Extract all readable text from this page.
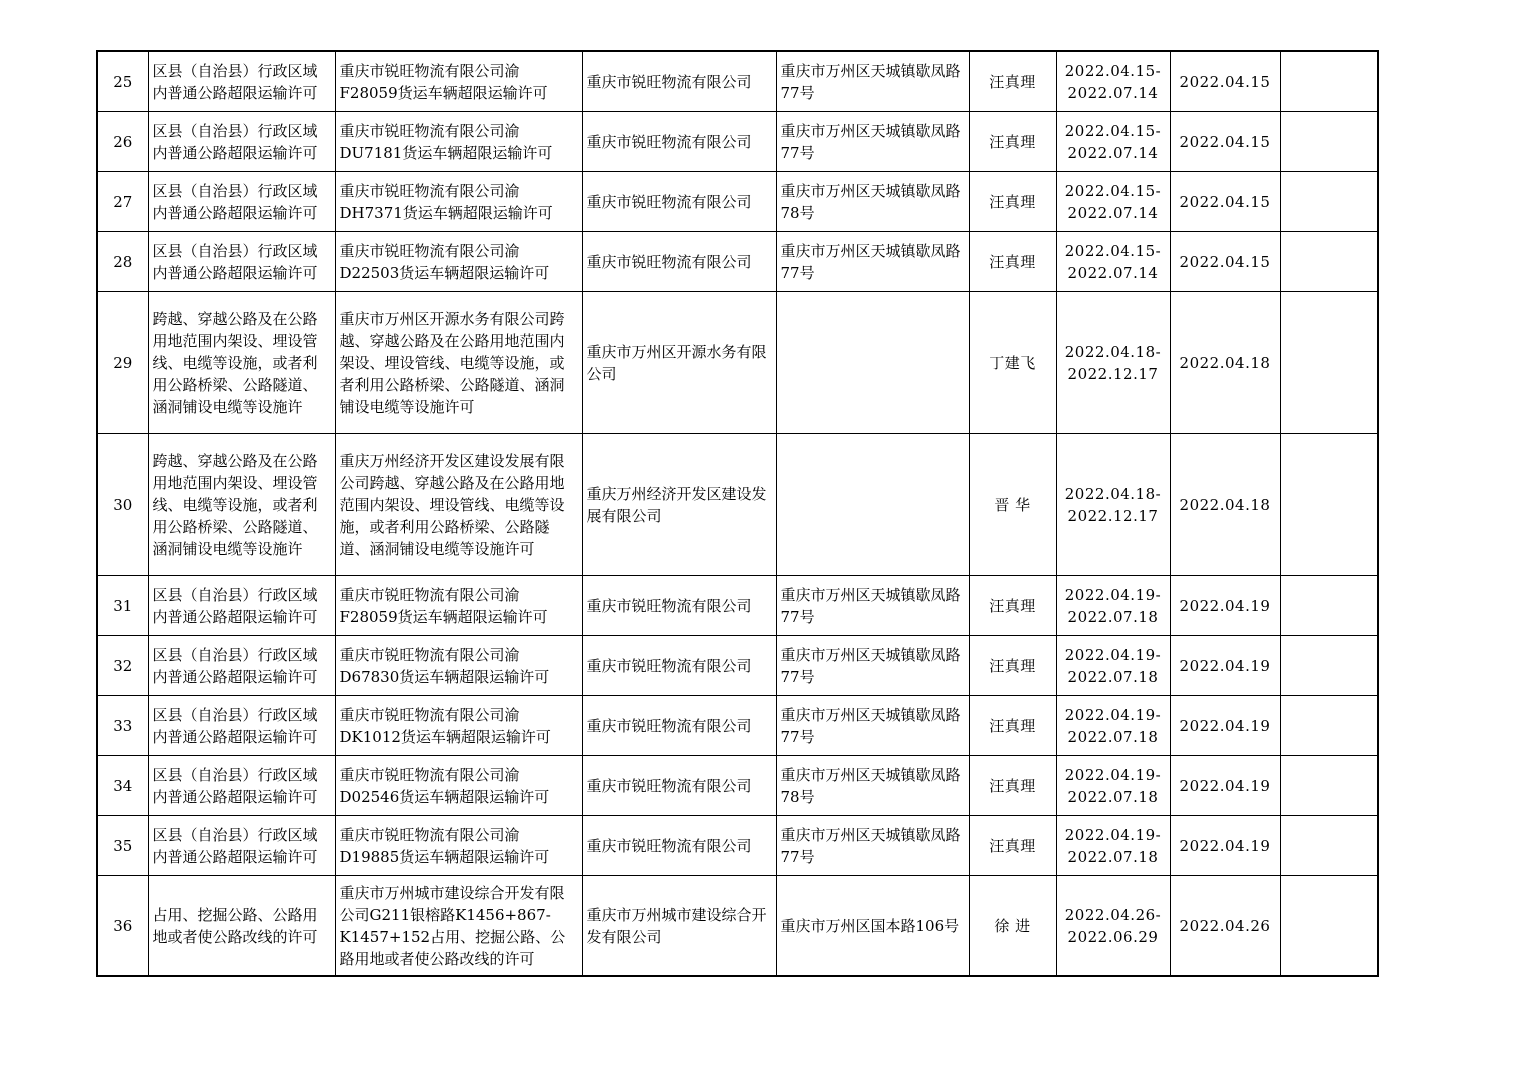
25	区县（自治县）行政区域内普通公路超限运输许可	重庆市锐旺物流有限公司渝F28059货运车辆超限运输许可	重庆市锐旺物流有限公司	重庆市万州区天城镇歇凤路77号	汪真理	2022.04.15-
2022.07.14	2022.04.15	
26	区县（自治县）行政区域内普通公路超限运输许可	重庆市锐旺物流有限公司渝DU7181货运车辆超限运输许可	重庆市锐旺物流有限公司	重庆市万州区天城镇歇凤路77号	汪真理	2022.04.15-
2022.07.14	2022.04.15	
27	区县（自治县）行政区域内普通公路超限运输许可	重庆市锐旺物流有限公司渝DH7371货运车辆超限运输许可	重庆市锐旺物流有限公司	重庆市万州区天城镇歇凤路78号	汪真理	2022.04.15-
2022.07.14	2022.04.15	
28	区县（自治县）行政区域内普通公路超限运输许可	重庆市锐旺物流有限公司渝D22503货运车辆超限运输许可	重庆市锐旺物流有限公司	重庆市万州区天城镇歇凤路77号	汪真理	2022.04.15-
2022.07.14	2022.04.15	
29	跨越、穿越公路及在公路用地范围内架设、埋设管线、电缆等设施，或者利用公路桥梁、公路隧道、涵洞铺设电缆等设施许	重庆市万州区开源水务有限公司跨越、穿越公路及在公路用地范围内架设、埋设管线、电缆等设施，或者利用公路桥梁、公路隧道、涵洞铺设电缆等设施许可	重庆市万州区开源水务有限公司		丁建飞	2022.04.18-
2022.12.17	2022.04.18	
30	跨越、穿越公路及在公路用地范围内架设、埋设管线、电缆等设施，或者利用公路桥梁、公路隧道、涵洞铺设电缆等设施许	重庆万州经济开发区建设发展有限公司跨越、穿越公路及在公路用地范围内架设、埋设管线、电缆等设施，或者利用公路桥梁、公路隧道、涵洞铺设电缆等设施许可	重庆万州经济开发区建设发展有限公司		晋 华	2022.04.18-
2022.12.17	2022.04.18	
31	区县（自治县）行政区域内普通公路超限运输许可	重庆市锐旺物流有限公司渝F28059货运车辆超限运输许可	重庆市锐旺物流有限公司	重庆市万州区天城镇歇凤路77号	汪真理	2022.04.19-
2022.07.18	2022.04.19	
32	区县（自治县）行政区域内普通公路超限运输许可	重庆市锐旺物流有限公司渝D67830货运车辆超限运输许可	重庆市锐旺物流有限公司	重庆市万州区天城镇歇凤路77号	汪真理	2022.04.19-
2022.07.18	2022.04.19	
33	区县（自治县）行政区域内普通公路超限运输许可	重庆市锐旺物流有限公司渝DK1012货运车辆超限运输许可	重庆市锐旺物流有限公司	重庆市万州区天城镇歇凤路77号	汪真理	2022.04.19-
2022.07.18	2022.04.19	
34	区县（自治县）行政区域内普通公路超限运输许可	重庆市锐旺物流有限公司渝D02546货运车辆超限运输许可	重庆市锐旺物流有限公司	重庆市万州区天城镇歇凤路78号	汪真理	2022.04.19-
2022.07.18	2022.04.19	
35	区县（自治县）行政区域内普通公路超限运输许可	重庆市锐旺物流有限公司渝D19885货运车辆超限运输许可	重庆市锐旺物流有限公司	重庆市万州区天城镇歇凤路77号	汪真理	2022.04.19-
2022.07.18	2022.04.19	
36	占用、挖掘公路、公路用地或者使公路改线的许可	重庆市万州城市建设综合开发有限公司G211银榕路K1456+867-K1457+152占用、挖掘公路、公路用地或者使公路改线的许可	重庆市万州城市建设综合开发有限公司	重庆市万州区国本路106号	徐 进	2022.04.26-
2022.06.29	2022.04.26	
